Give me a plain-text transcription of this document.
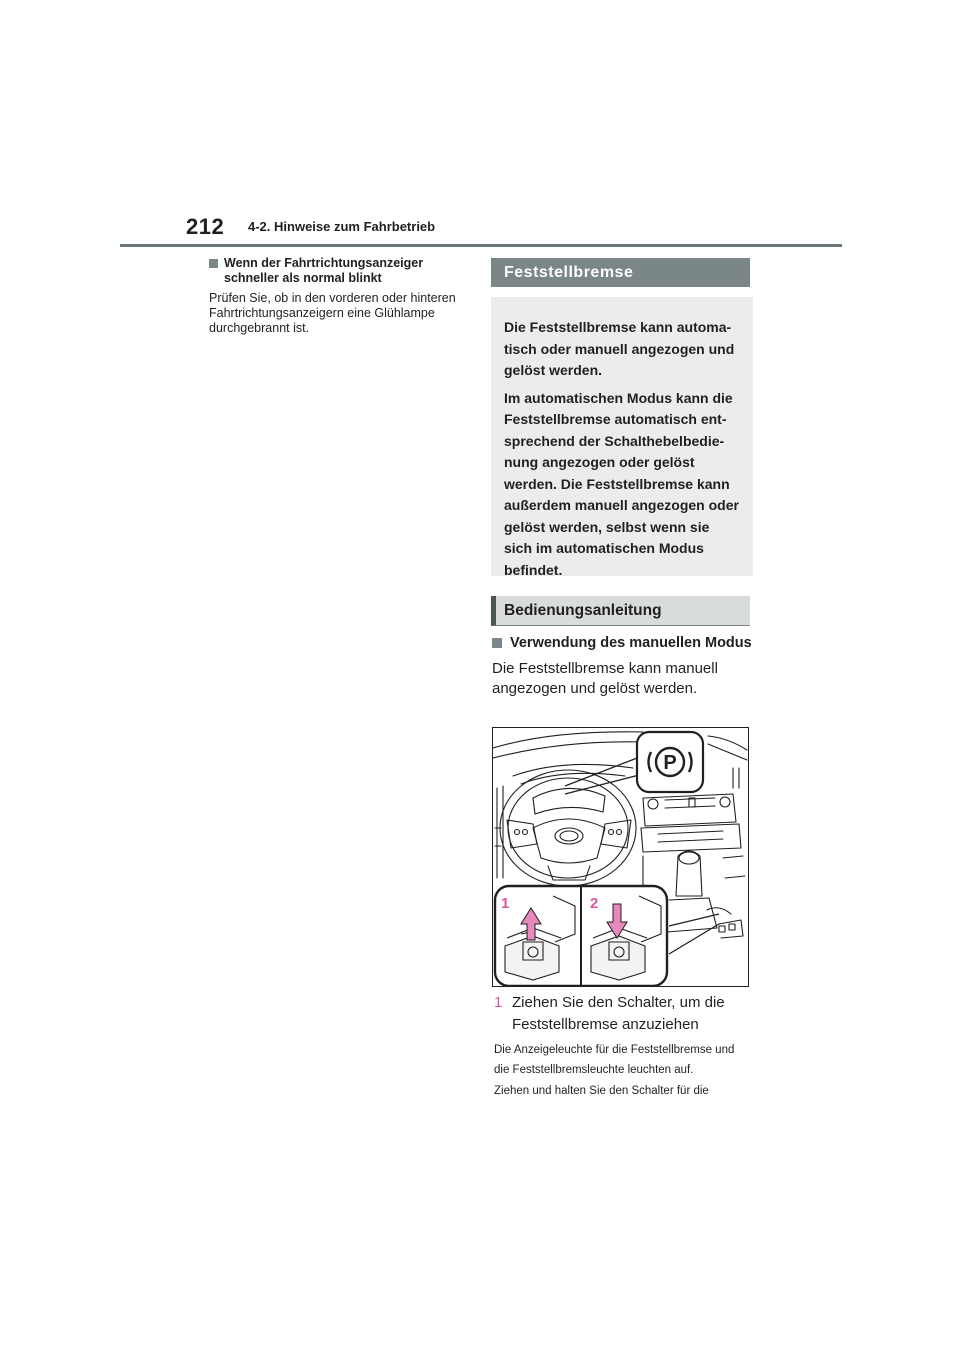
212 4-2. Hinweise zum Fahrbetrieb
Wenn der Fahrtrichtungsanzeiger schneller als normal blinkt
Prüfen Sie, ob in den vorderen oder hinteren Fahrtrichtungsanzeigern eine Glühlampe durchgebrannt ist.
Feststellbremse

Die Feststellbremse kann automa-tisch oder manuell angezogen und gelöst werden.

Im automatischen Modus kann die Feststellbremse automatisch ent-sprechend der Schalthebelbedie-nung angezogen oder gelöst werden. Die Feststellbremse kann außerdem manuell angezogen oder gelöst werden, selbst wenn sie sich im automatischen Modus befindet.

Bedienungsanleitung
Verwendung des manuellen Modus
Die Feststellbremse kann manuell angezogen und gelöst werden.
P
1	2
1 Ziehen Sie den Schalter, um die Feststellbremse anzuziehen
Die Anzeigeleuchte für die Feststellbremse und die Feststellbremsleuchte leuchten auf.
Ziehen und halten Sie den Schalter für die
